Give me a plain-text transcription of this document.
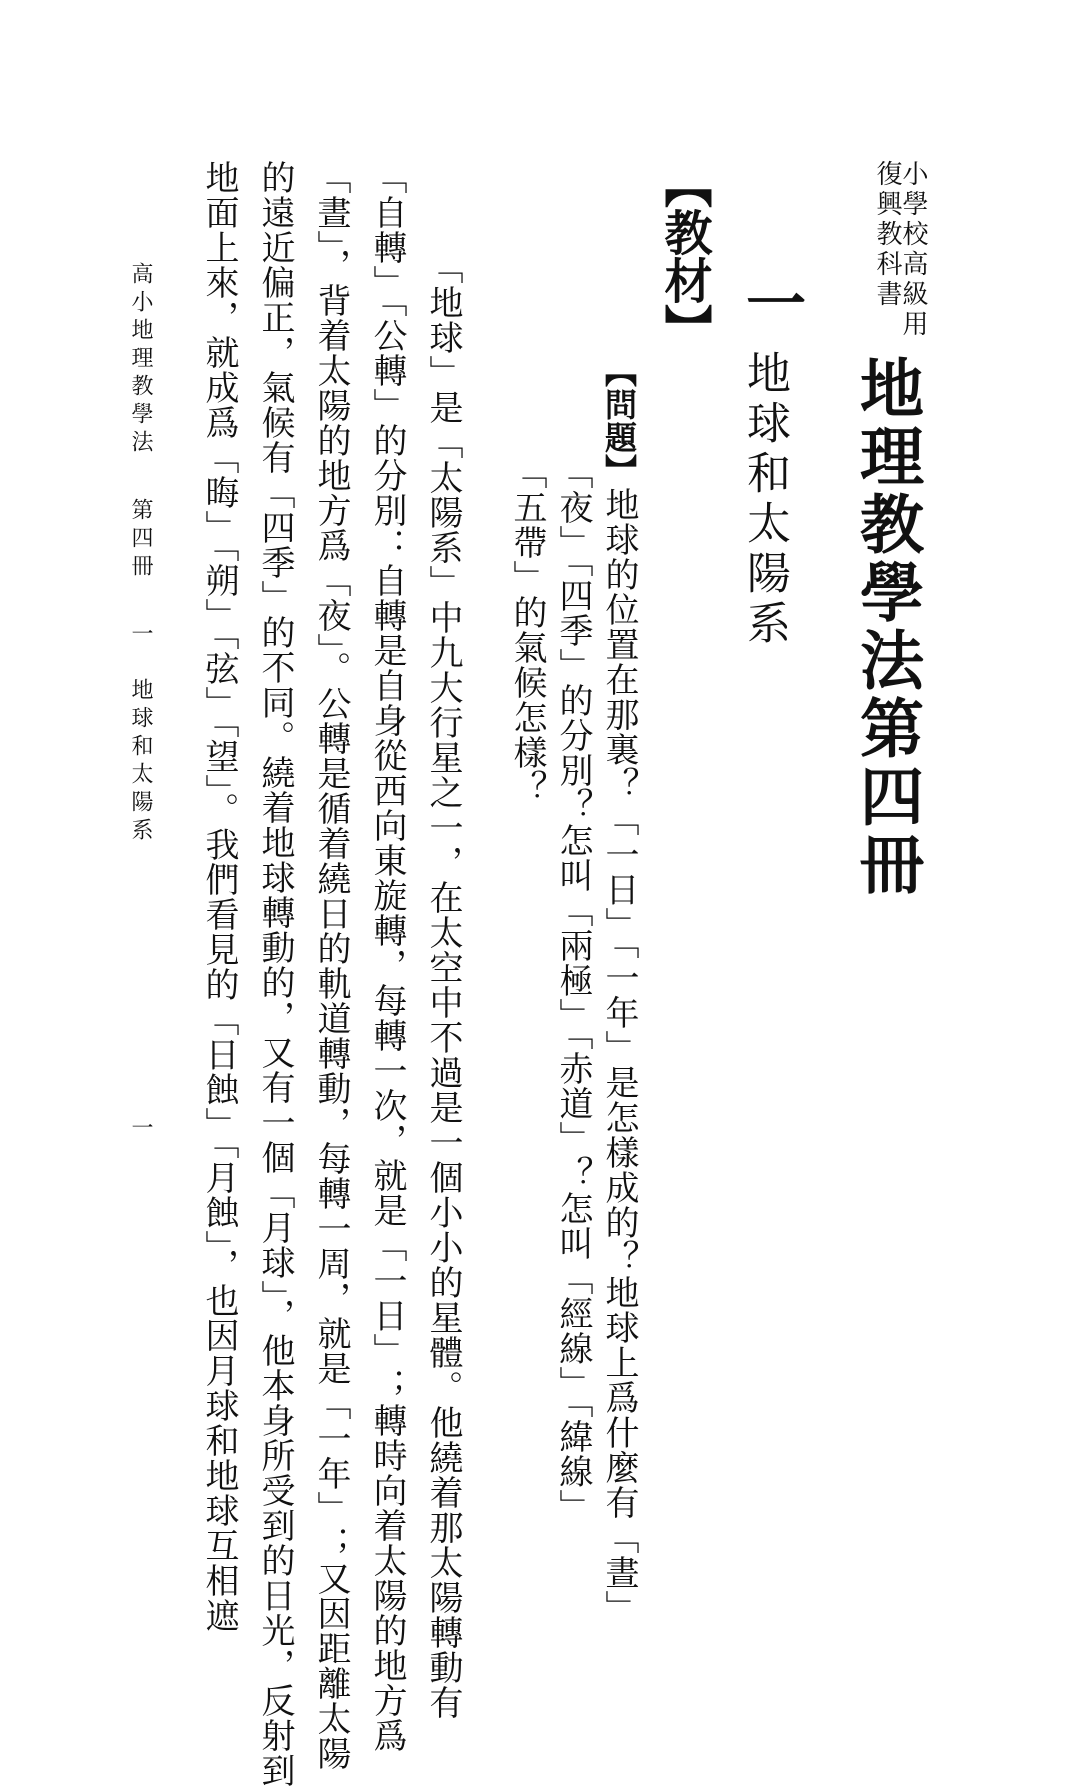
小學校高級用
復興教科書
地理教學法第四冊
一
地球和太陽系
【問題】地球的位置在那裏？「一日」「一年」是怎樣成的？地球上爲什麼有「晝」
「夜」「四季」的分別？怎叫「兩極」「赤道」？怎叫「經線」「緯線」
「五帶」的氣候怎樣？
【教材】
「地球」是「太陽系」中九大行星之一，在太空中不過是一個小小的星體。他繞着那太陽轉動有
「自轉」「公轉」的分別：自轉是自身從西向東旋轉，每轉一次，就是「一日」；轉時向着太陽的地方爲
「晝」，背着太陽的地方爲「夜」。公轉是循着繞日的軌道轉動，每轉一周，就是「一年」；又因距離太陽
的遠近偏正，氣候有「四季」的不同。繞着地球轉動的，又有一個「月球」，他本身所受到的日光，反射到
地面上來，就成爲「晦」「朔」「弦」「望」。我們看見的「日蝕」「月蝕」，也因月球和地球互相遮
高小地理教學法第四冊一　地球和太陽系一
